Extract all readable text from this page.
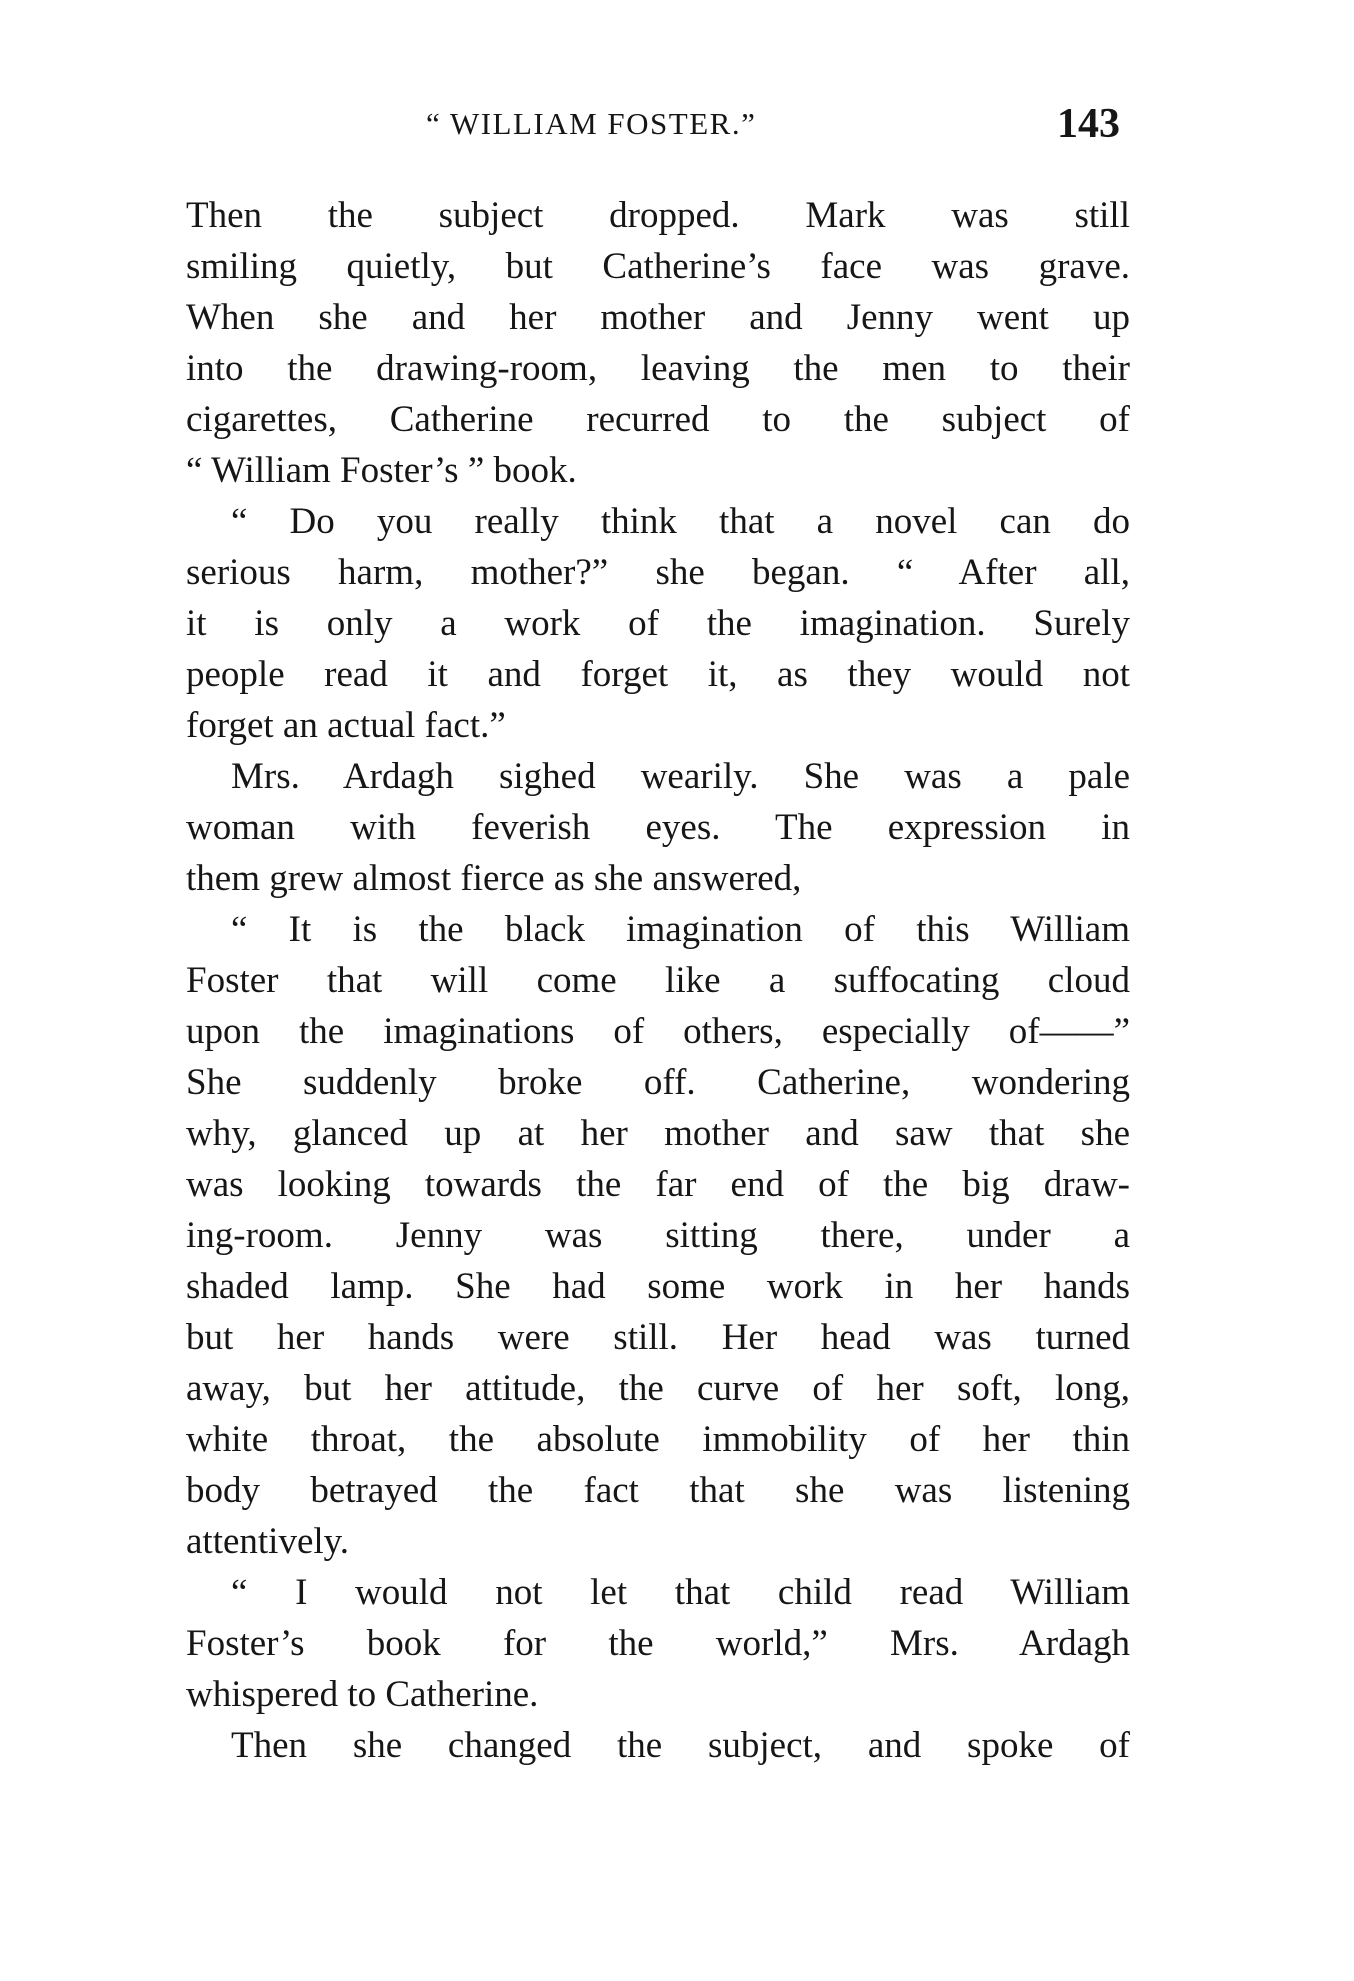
“ WILLIAM FOSTER.”	143
Then the subject dropped. Mark was still
smiling quietly, but Catherine’s face was grave.
When she and her mother and Jenny went up
into the drawing-room, leaving the men to their
cigarettes, Catherine recurred to the subject of
“ William Foster’s ” book.
“ Do you really think that a novel can do
serious harm, mother?” she began. “ After all,
it is only a work of the imagination. Surely
people read it and forget it, as they would not
forget an actual fact.”
Mrs. Ardagh sighed wearily. She was a pale
woman with feverish eyes. The expression in
them grew almost fierce as she answered,
“ It is the black imagination of this William
Foster that will come like a suffocating cloud
upon the imaginations of others, especially of——”
She suddenly broke off. Catherine, wondering
why, glanced up at her mother and saw that she
was looking towards the far end of the big draw-
ing-room. Jenny was sitting there, under a
shaded lamp. She had some work in her hands
but her hands were still. Her head was turned
away, but her attitude, the curve of her soft, long,
white throat, the absolute immobility of her thin
body betrayed the fact that she was listening
attentively.
“ I would not let that child read William
Foster’s book for the world,” Mrs. Ardagh
whispered to Catherine.
Then she changed the subject, and spoke of
